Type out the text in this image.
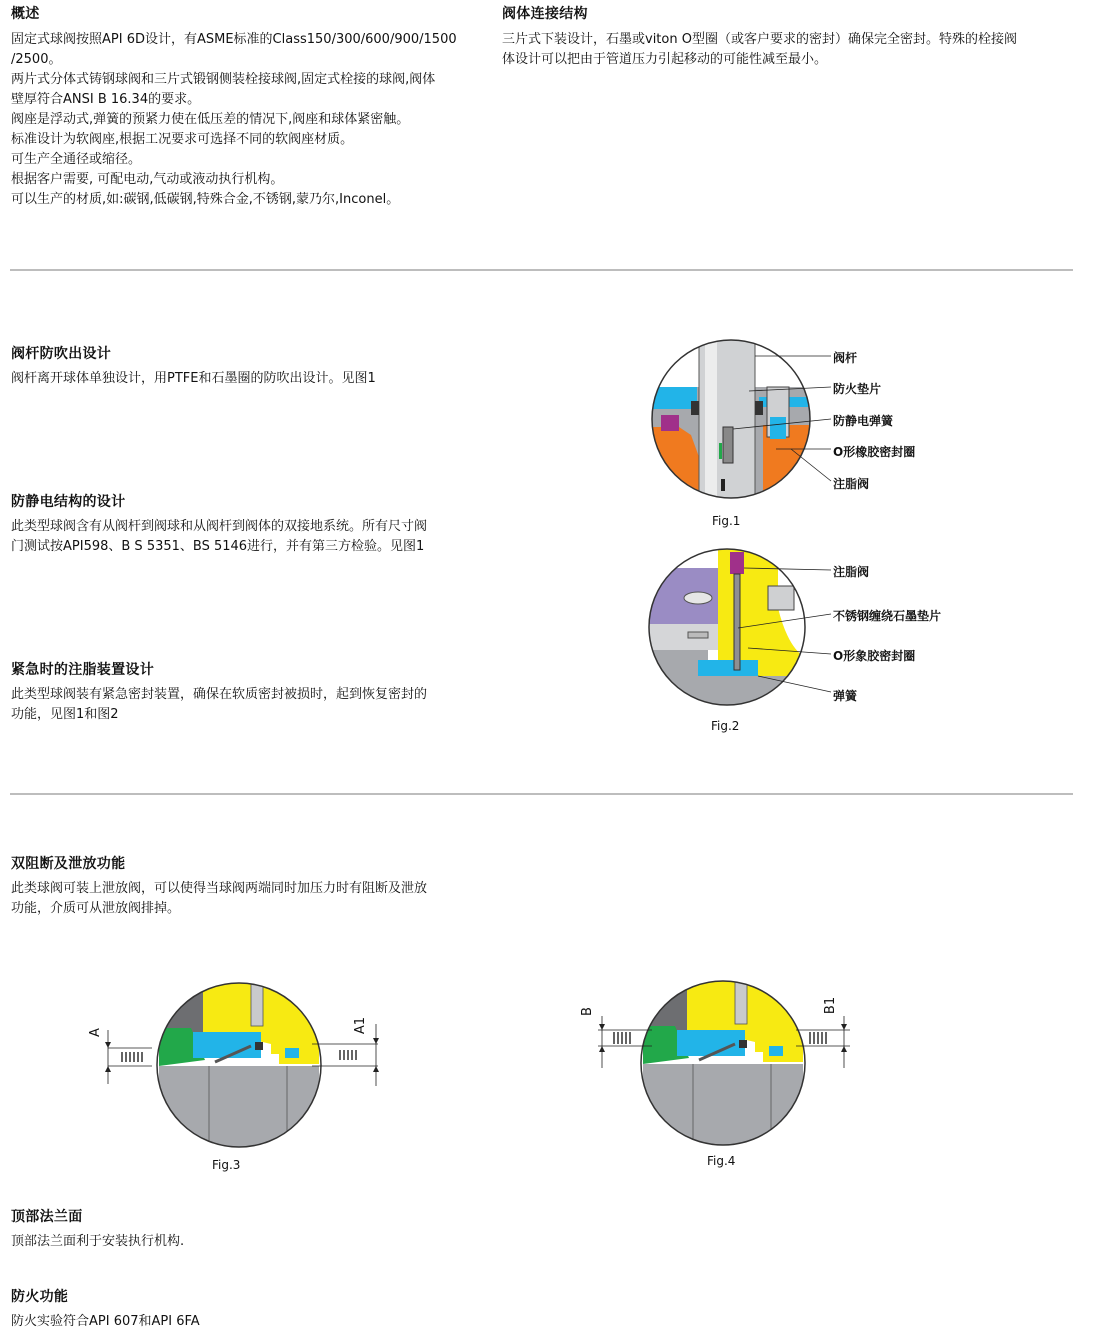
概述
固定式球阀按照API 6D设计，有ASME标准的Class150/300/600/900/1500
/2500。
两片式分体式铸钢球阀和三片式锻钢侧装栓接球阀,固定式栓接的球阀,阀体
壁厚符合ANSI B 16.34的要求。
阀座是浮动式,弹簧的预紧力使在低压差的情况下,阀座和球体紧密触。
标准设计为软阀座,根据工况要求可选择不同的软阀座材质。
可生产全通径或缩径。
根据客户需要, 可配电动,气动或液动执行机构。
可以生产的材质,如:碳钢,低碳钢,特殊合金,不锈钢,蒙乃尔,Inconel。
阀体连接结构
三片式下装设计，石墨或viton O型圈（或客户要求的密封）确保完全密封。特殊的栓接阀
体设计可以把由于管道压力引起移动的可能性减至最小。
阀杆防吹出设计
阀杆离开球体单独设计，用PTFE和石墨圈的防吹出设计。见图1
防静电结构的设计
此类型球阀含有从阀杆到阀球和从阀杆到阀体的双接地系统。所有尺寸阀
门测试按API598、B S 5351、BS 5146进行，并有第三方检验。见图1
紧急时的注脂装置设计
此类型球阀装有紧急密封装置，确保在软质密封被损时，起到恢复密封的
功能，见图1和图2
双阻断及泄放功能
此类球阀可装上泄放阀，可以使得当球阀两端同时加压力时有阻断及泄放
功能，介质可从泄放阀排掉。
顶部法兰面
顶部法兰面利于安装执行机构.
防火功能
防火实验符合API 607和API 6FA
阀杆
防火垫片
防静电弹簧
O形橡胶密封圈
注脂阀
Fig.1
注脂阀
不锈钢缠绕石墨垫片
O形象胶密封圈
弹簧
Fig.2
A	A1
Fig.3
B	B1
Fig.4
